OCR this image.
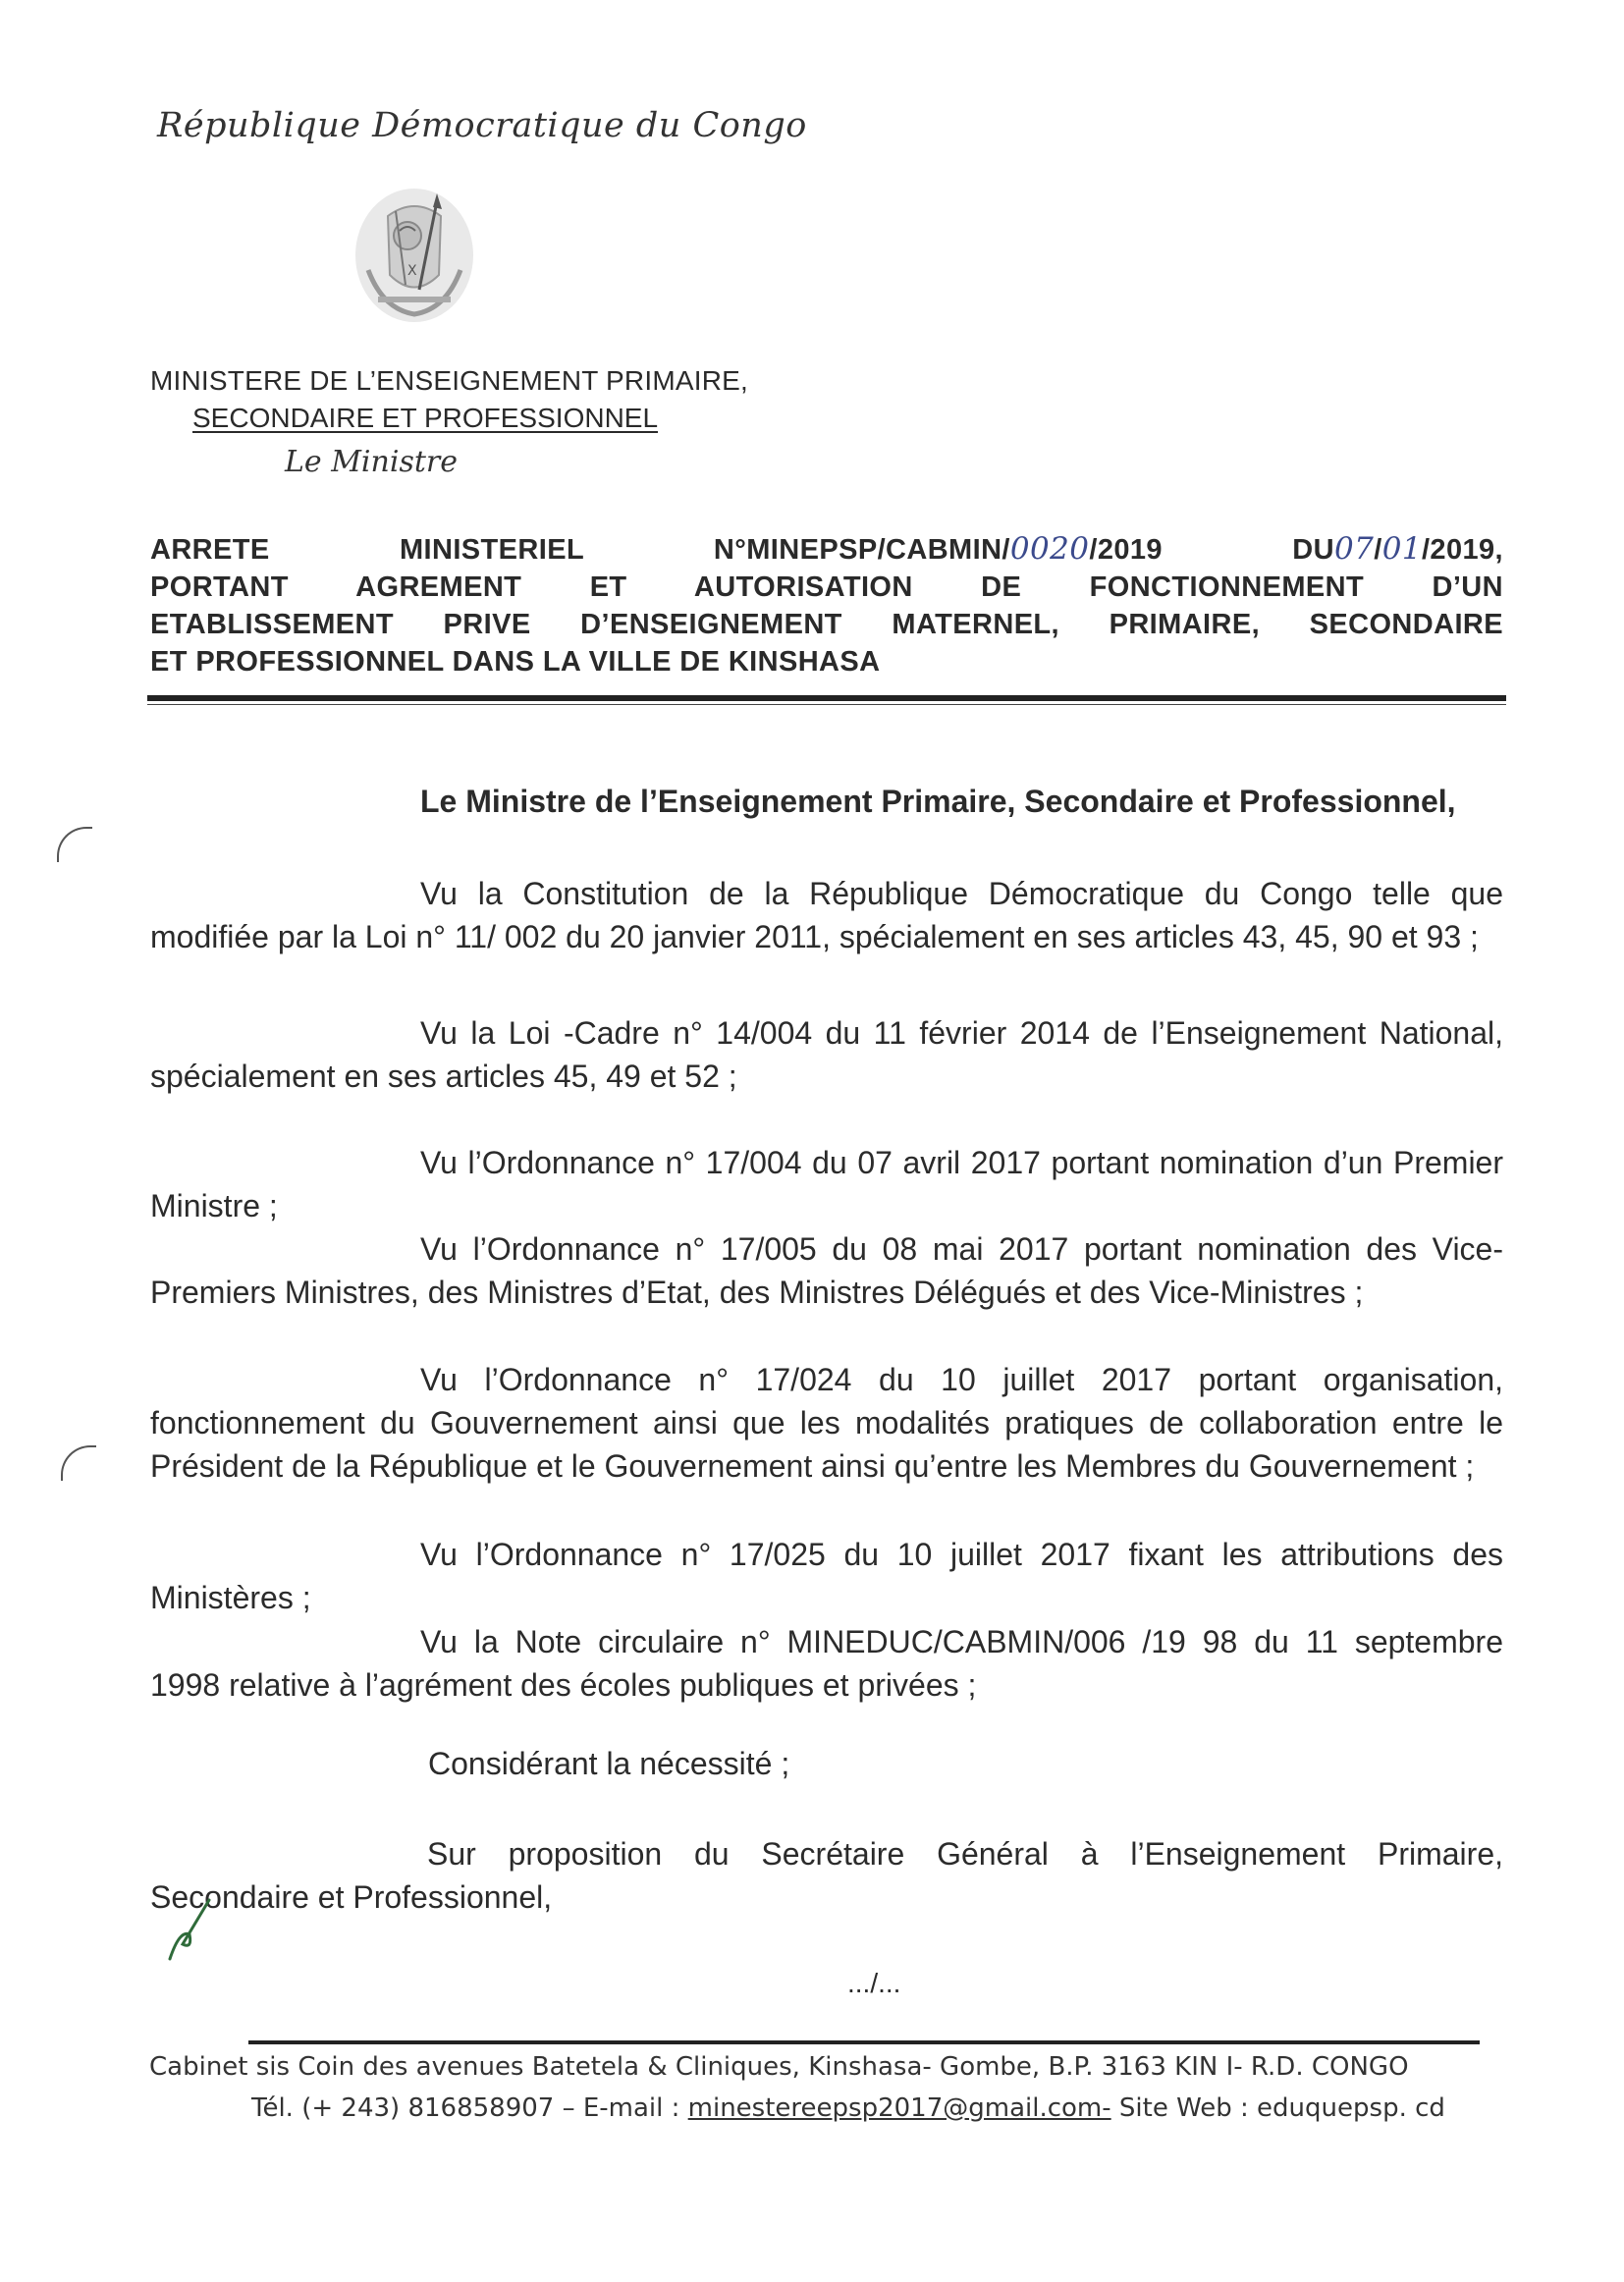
République Démocratique du Congo
X
MINISTERE DE L’ENSEIGNEMENT PRIMAIRE,
SECONDAIRE ET PROFESSIONNEL
Le Ministre
ARRETE MINISTERIEL N°MINEPSP/CABMIN/0020/2019 DU07/01/2019,
PORTANT AGREMENT ET AUTORISATION DE FONCTIONNEMENT D’UN
ETABLISSEMENT PRIVE D’ENSEIGNEMENT MATERNEL, PRIMAIRE, SECONDAIRE
ET PROFESSIONNEL DANS LA VILLE DE KINSHASA
Le Ministre de l’Enseignement Primaire, Secondaire et Professionnel,
Vu la Constitution de la République Démocratique du Congo telle que
modifiée par la Loi n° 11/ 002 du 20 janvier 2011, spécialement en ses articles 43, 45, 90 et 93 ;
Vu la Loi -Cadre n° 14/004 du 11 février 2014 de l’Enseignement National,
spécialement en ses articles 45, 49 et 52 ;
Vu l’Ordonnance n° 17/004 du 07 avril 2017 portant nomination d’un Premier
Ministre ;
Vu l’Ordonnance n° 17/005 du 08 mai 2017 portant nomination des Vice-
Premiers Ministres, des Ministres d’Etat, des Ministres Délégués et des Vice-Ministres ;
Vu l’Ordonnance n° 17/024 du 10 juillet 2017 portant organisation,
fonctionnement du Gouvernement ainsi que les modalités pratiques de collaboration entre le
Président de la République et le Gouvernement ainsi qu’entre les Membres du Gouvernement ;
Vu l’Ordonnance n° 17/025 du 10 juillet 2017 fixant les attributions des
Ministères ;
Vu la Note circulaire n° MINEDUC/CABMIN/006 /19 98 du 11 septembre
1998 relative à l’agrément des écoles publiques et privées ;
Considérant la nécessité ;
Sur proposition du Secrétaire Général à l’Enseignement Primaire,
Secondaire et Professionnel,
.../...
Cabinet sis Coin des avenues Batetela & Cliniques, Kinshasa- Gombe, B.P. 3163 KIN I- R.D. CONGO
Tél. (+ 243) 816858907 – E-mail : minestereepsp2017@gmail.com- Site Web : eduquepsp. cd
